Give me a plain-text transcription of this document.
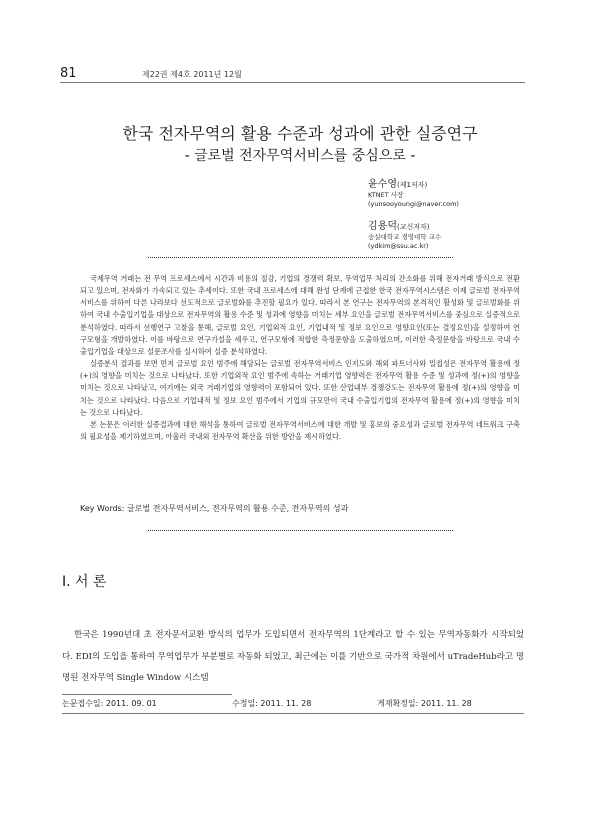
81	제22권 제4호 2011년 12월
한국 전자무역의 활용 수준과 성과에 관한 실증연구
- 글로벌 전자무역서비스를 중심으로 -
윤수영(제1저자)
KTNET 사장
(yunsooyoungi@naver.com)
김용덕(교신저자)
숭실대학교 경영대학 교수
(ydkim@ssu.ac.kr)

국제무역 거래는 전 무역 프로세스에서 시간과 비용의 절감, 기업의 경쟁력 확보, 무역업무 처리의 간소화를 위해 전자거래 방식으로 전환되고 있으며, 전자화가 가속되고 있는 추세이다. 또한 국내 프로세스에 대해 완성 단계에 근접한 한국 전자무역시스템은 이제 글로벌 전자무역서비스를 위하여 다른 나라보다 선도적으로 글로벌화를 추진할 필요가 있다. 따라서 본 연구는 전자무역의 본격적인 활성화 및 글로벌화를 위하여 국내 수출입기업을 대상으로 전자무역의 활용 수준 및 성과에 영향을 미치는 세부 요인을 글로벌 전자무역서비스를 중심으로 실증적으로 분석하였다. 따라서 선행연구 고찰을 통해, 글로벌 요인, 기업외적 요인, 기업내적 및 정보 요인으로 영향요인(또는 결정요인)을 설정하여 연구모형을 개발하였다. 이를 바탕으로 연구가설을 세우고, 연구모형에 적합한 측정문항을 도출하였으며, 이러한 측정문항을 바탕으로 국내 수출입기업을 대상으로 설문조사를 실시하여 실증 분석하였다.

실증분석 결과를 보면 먼저 글로벌 요인 범주에 해당되는 글로벌 전자무역서비스 인지도와 해외 파트너사와 밀접성은 전자무역 활용에 정(+)의 영향을 미치는 것으로 나타났다. 또한 기업외적 요인 범주에 속하는 거래기업 영향력은 전자무역 활용 수준 및 성과에 정(+)의 영향을 미치는 것으로 나타났고, 여기에는 외국 거래기업의 영향력이 포함되어 있다. 또한 산업내부 경쟁강도는 전자무역 활용에 정(+)의 영향을 미치는 것으로 나타났다. 다음으로 기업내적 및 정보 요인 범주에서 기업의 규모만이 국내 수출입기업의 전자무역 활용에 정(+)의 영향을 미치는 것으로 나타났다.

본 논문은 이러한 실증결과에 대한 해석을 통하여 글로벌 전자무역서비스에 대한 개발 및 홍보의 중요성과 글로벌 전자무역 네트워크 구축의 필요성을 제기하였으며, 아울러 국내외 전자무역 확산을 위한 방안을 제시하였다.

Key Words: 글로벌 전자무역서비스, 전자무역의 활용 수준, 전자무역의 성과
Ⅰ. 서 론

한국은 1990년대 초 전자문서교환 방식의 업무가 도입되면서 전자무역의 1단계라고 할 수 있는 무역자동화가 시작되었다. EDI의 도입을 통하여 무역업무가 부분별로 자동화 되었고, 최근에는 이를 기반으로 국가적 차원에서 uTradeHub라고 명명된 전자무역 Single Window 시스템

논문접수일: 2011. 09. 01	수정일: 2011. 11. 28	게재확정일: 2011. 11. 28
